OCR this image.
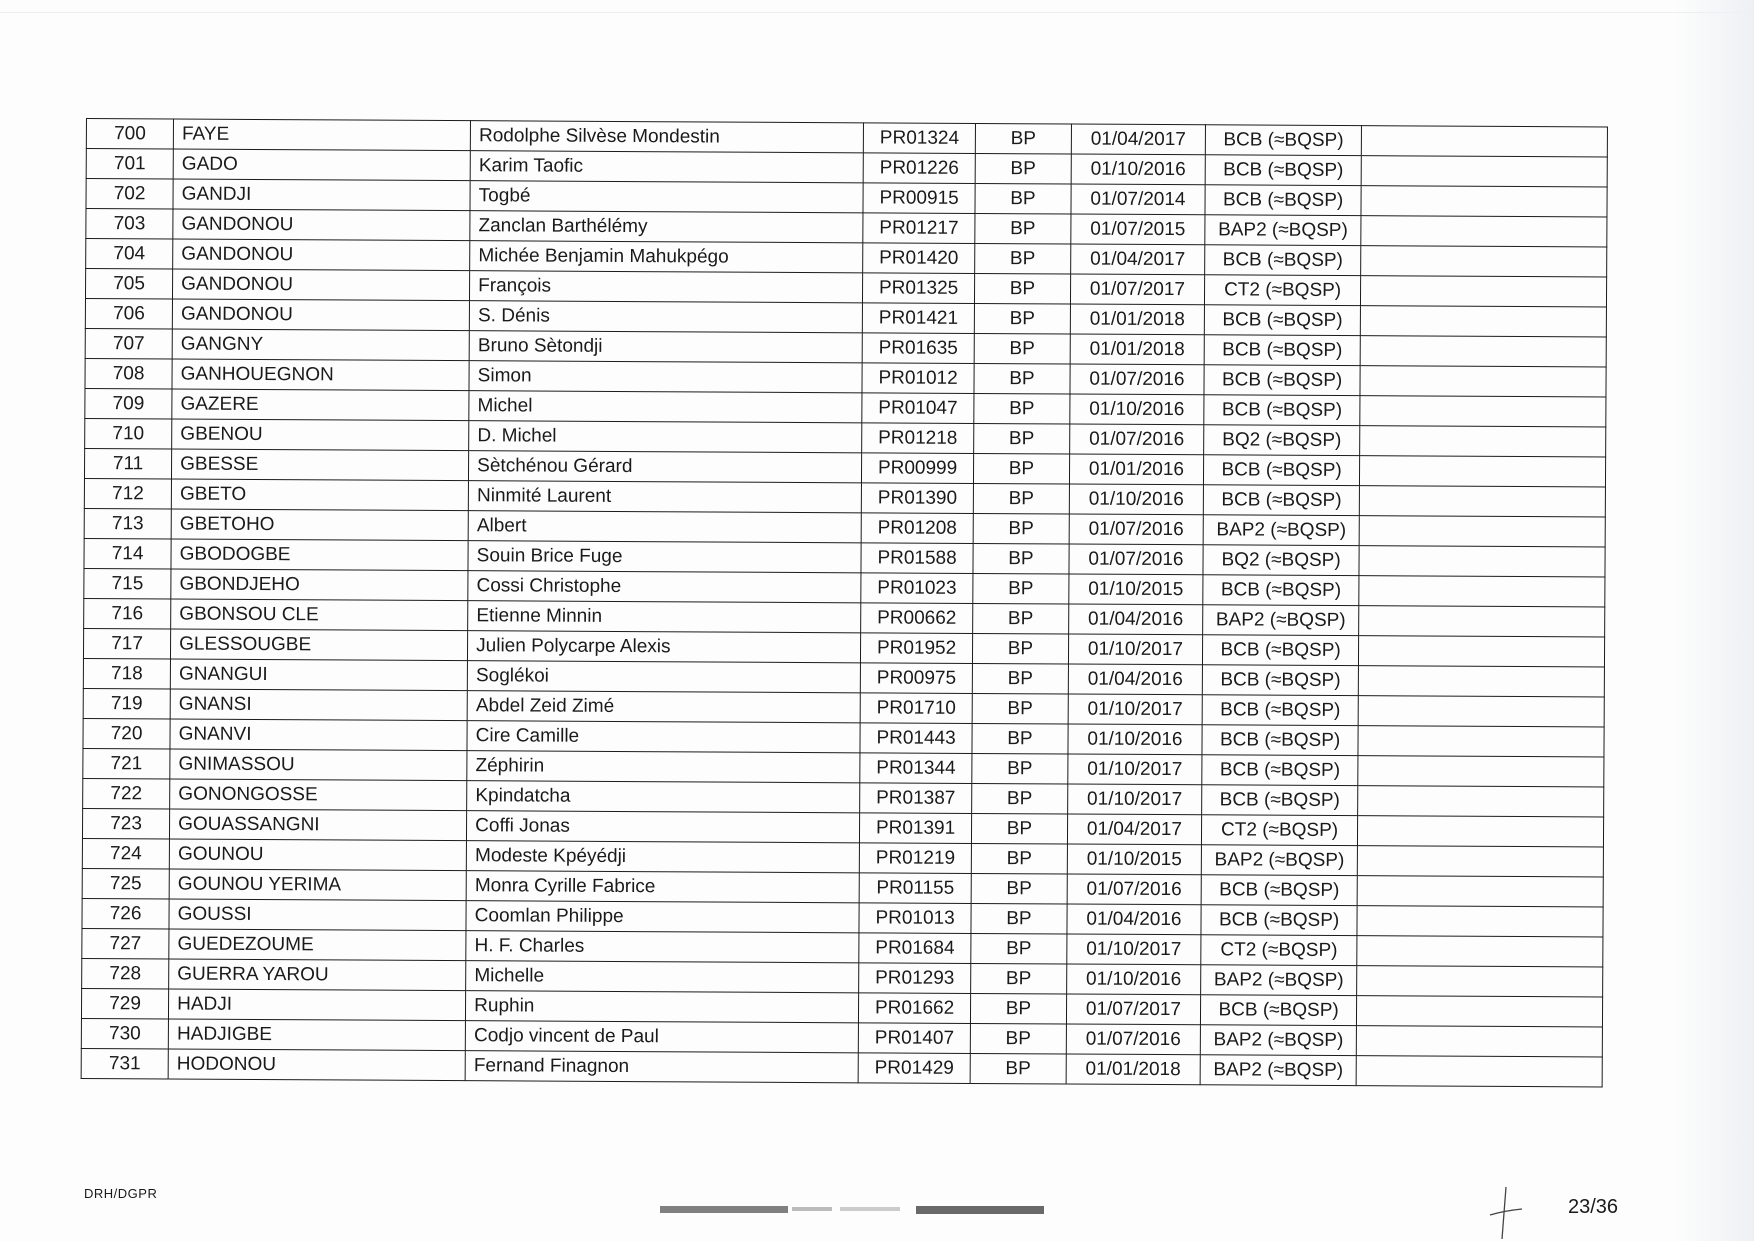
700	FAYE	Rodolphe Silvèse Mondestin	PR01324	BP	01/04/2017	BCB (≈BQSP)	
701	GADO	Karim Taofic	PR01226	BP	01/10/2016	BCB (≈BQSP)	
702	GANDJI	Togbé	PR00915	BP	01/07/2014	BCB (≈BQSP)	
703	GANDONOU	Zanclan Barthélémy	PR01217	BP	01/07/2015	BAP2 (≈BQSP)	
704	GANDONOU	Michée Benjamin Mahukpégo	PR01420	BP	01/04/2017	BCB (≈BQSP)	
705	GANDONOU	François	PR01325	BP	01/07/2017	CT2 (≈BQSP)	
706	GANDONOU	S. Dénis	PR01421	BP	01/01/2018	BCB (≈BQSP)	
707	GANGNY	Bruno Sètondji	PR01635	BP	01/01/2018	BCB (≈BQSP)	
708	GANHOUEGNON	Simon	PR01012	BP	01/07/2016	BCB (≈BQSP)	
709	GAZERE	Michel	PR01047	BP	01/10/2016	BCB (≈BQSP)	
710	GBENOU	D. Michel	PR01218	BP	01/07/2016	BQ2 (≈BQSP)	
711	GBESSE	Sètchénou Gérard	PR00999	BP	01/01/2016	BCB (≈BQSP)	
712	GBETO	Ninmité Laurent	PR01390	BP	01/10/2016	BCB (≈BQSP)	
713	GBETOHO	Albert	PR01208	BP	01/07/2016	BAP2 (≈BQSP)	
714	GBODOGBE	Souin Brice Fuge	PR01588	BP	01/07/2016	BQ2 (≈BQSP)	
715	GBONDJEHO	Cossi Christophe	PR01023	BP	01/10/2015	BCB (≈BQSP)	
716	GBONSOU CLE	Etienne Minnin	PR00662	BP	01/04/2016	BAP2 (≈BQSP)	
717	GLESSOUGBE	Julien Polycarpe Alexis	PR01952	BP	01/10/2017	BCB (≈BQSP)	
718	GNANGUI	Soglékoi	PR00975	BP	01/04/2016	BCB (≈BQSP)	
719	GNANSI	Abdel Zeid Zimé	PR01710	BP	01/10/2017	BCB (≈BQSP)	
720	GNANVI	Cire Camille	PR01443	BP	01/10/2016	BCB (≈BQSP)	
721	GNIMASSOU	Zéphirin	PR01344	BP	01/10/2017	BCB (≈BQSP)	
722	GONONGOSSE	Kpindatcha	PR01387	BP	01/10/2017	BCB (≈BQSP)	
723	GOUASSANGNI	Coffi Jonas	PR01391	BP	01/04/2017	CT2 (≈BQSP)	
724	GOUNOU	Modeste Kpéyédji	PR01219	BP	01/10/2015	BAP2 (≈BQSP)	
725	GOUNOU YERIMA	Monra Cyrille Fabrice	PR01155	BP	01/07/2016	BCB (≈BQSP)	
726	GOUSSI	Coomlan Philippe	PR01013	BP	01/04/2016	BCB (≈BQSP)	
727	GUEDEZOUME	H. F. Charles	PR01684	BP	01/10/2017	CT2 (≈BQSP)	
728	GUERRA YAROU	Michelle	PR01293	BP	01/10/2016	BAP2 (≈BQSP)	
729	HADJI	Ruphin	PR01662	BP	01/07/2017	BCB (≈BQSP)	
730	HADJIGBE	Codjo vincent de Paul	PR01407	BP	01/07/2016	BAP2 (≈BQSP)	
731	HODONOU	Fernand Finagnon	PR01429	BP	01/01/2018	BAP2 (≈BQSP)	
DRH/DGPR
23/36
